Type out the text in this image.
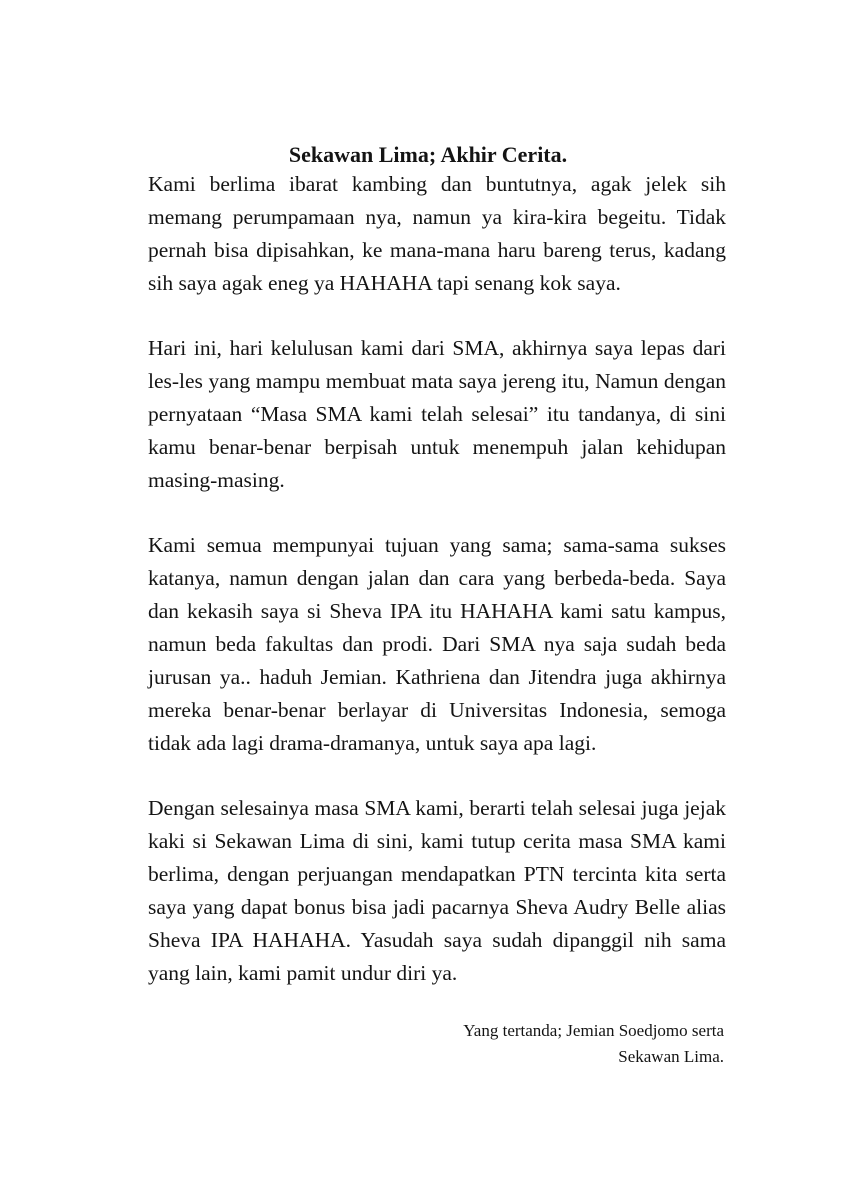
Sekawan Lima; Akhir Cerita.

Kami berlima ibarat kambing dan buntutnya, agak jelek sih memang perumpamaan nya, namun ya kira-kira begeitu. Tidak pernah bisa dipisahkan, ke mana-mana haru bareng terus, kadang sih saya agak eneg ya HAHAHA tapi senang kok saya.

Hari ini, hari kelulusan kami dari SMA, akhirnya saya lepas dari les-les yang mampu membuat mata saya jereng itu, Namun dengan pernyataan “Masa SMA kami telah selesai” itu tandanya, di sini kamu benar-benar berpisah untuk menempuh jalan kehidupan masing-masing.

Kami semua mempunyai tujuan yang sama; sama-sama sukses katanya, namun dengan jalan dan cara yang berbeda-beda. Saya dan kekasih saya si Sheva IPA itu HAHAHA kami satu kampus, namun beda fakultas dan prodi. Dari SMA nya saja sudah beda jurusan ya.. haduh Jemian. Kathriena dan Jitendra juga akhirnya mereka benar-benar berlayar di Universitas Indonesia, semoga tidak ada lagi drama-dramanya, untuk saya apa lagi.

Dengan selesainya masa SMA kami, berarti telah selesai juga jejak kaki si Sekawan Lima di sini, kami tutup cerita masa SMA kami berlima, dengan perjuangan mendapatkan PTN tercinta kita serta saya yang dapat bonus bisa jadi pacarnya Sheva Audry Belle alias Sheva IPA HAHAHA. Yasudah saya sudah dipanggil nih sama yang lain, kami pamit undur diri ya.

Yang tertanda; Jemian Soedjomo serta
Sekawan Lima.
